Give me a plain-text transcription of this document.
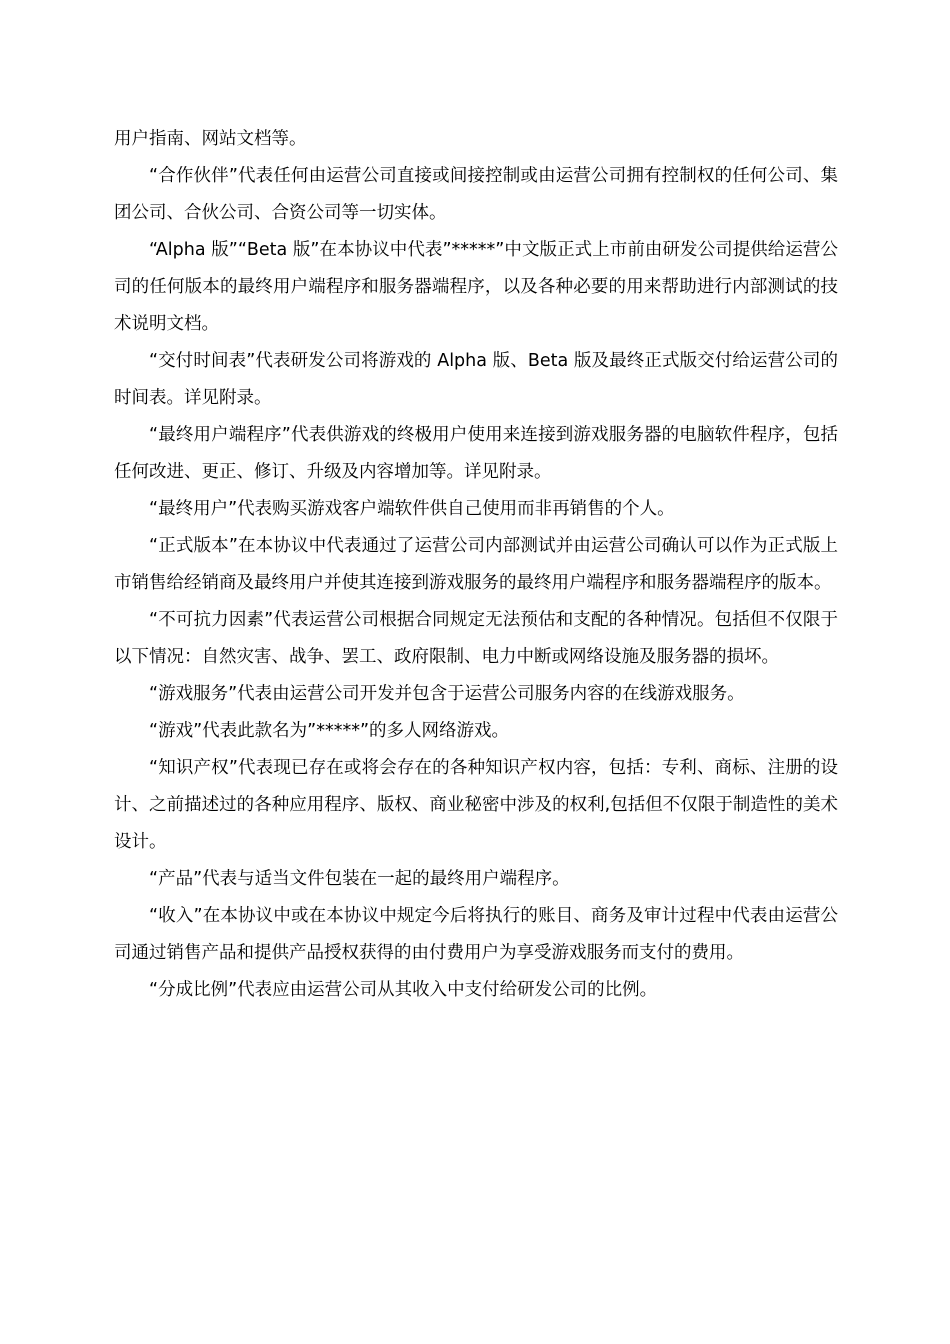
用户指南、网站文档等。

“合作伙伴”代表任何由运营公司直接或间接控制或由运营公司拥有控制权的任何公司、集团公司、合伙公司、合资公司等一切实体。

“Alpha 版”“Beta 版”在本协议中代表”*****”中文版正式上市前由研发公司提供给运营公司的任何版本的最终用户端程序和服务器端程序，以及各种必要的用来帮助进行内部测试的技术说明文档。

“交付时间表”代表研发公司将游戏的 Alpha 版、Beta 版及最终正式版交付给运营公司的时间表。详见附录。

“最终用户端程序”代表供游戏的终极用户使用来连接到游戏服务器的电脑软件程序，包括任何改进、更正、修订、升级及内容增加等。详见附录。

“最终用户”代表购买游戏客户端软件供自己使用而非再销售的个人。

“正式版本”在本协议中代表通过了运营公司内部测试并由运营公司确认可以作为正式版上市销售给经销商及最终用户并使其连接到游戏服务的最终用户端程序和服务器端程序的版本。

“不可抗力因素”代表运营公司根据合同规定无法预估和支配的各种情况。包括但不仅限于以下情况：自然灾害、战争、罢工、政府限制、电力中断或网络设施及服务器的损坏。

“游戏服务”代表由运营公司开发并包含于运营公司服务内容的在线游戏服务。

“游戏”代表此款名为”*****”的多人网络游戏。

“知识产权”代表现已存在或将会存在的各种知识产权内容，包括：专利、商标、注册的设计、之前描述过的各种应用程序、版权、商业秘密中涉及的权利,包括但不仅限于制造性的美术设计。

“产品”代表与适当文件包装在一起的最终用户端程序。

“收入”在本协议中或在本协议中规定今后将执行的账目、商务及审计过程中代表由运营公司通过销售产品和提供产品授权获得的由付费用户为享受游戏服务而支付的费用。

“分成比例”代表应由运营公司从其收入中支付给研发公司的比例。
